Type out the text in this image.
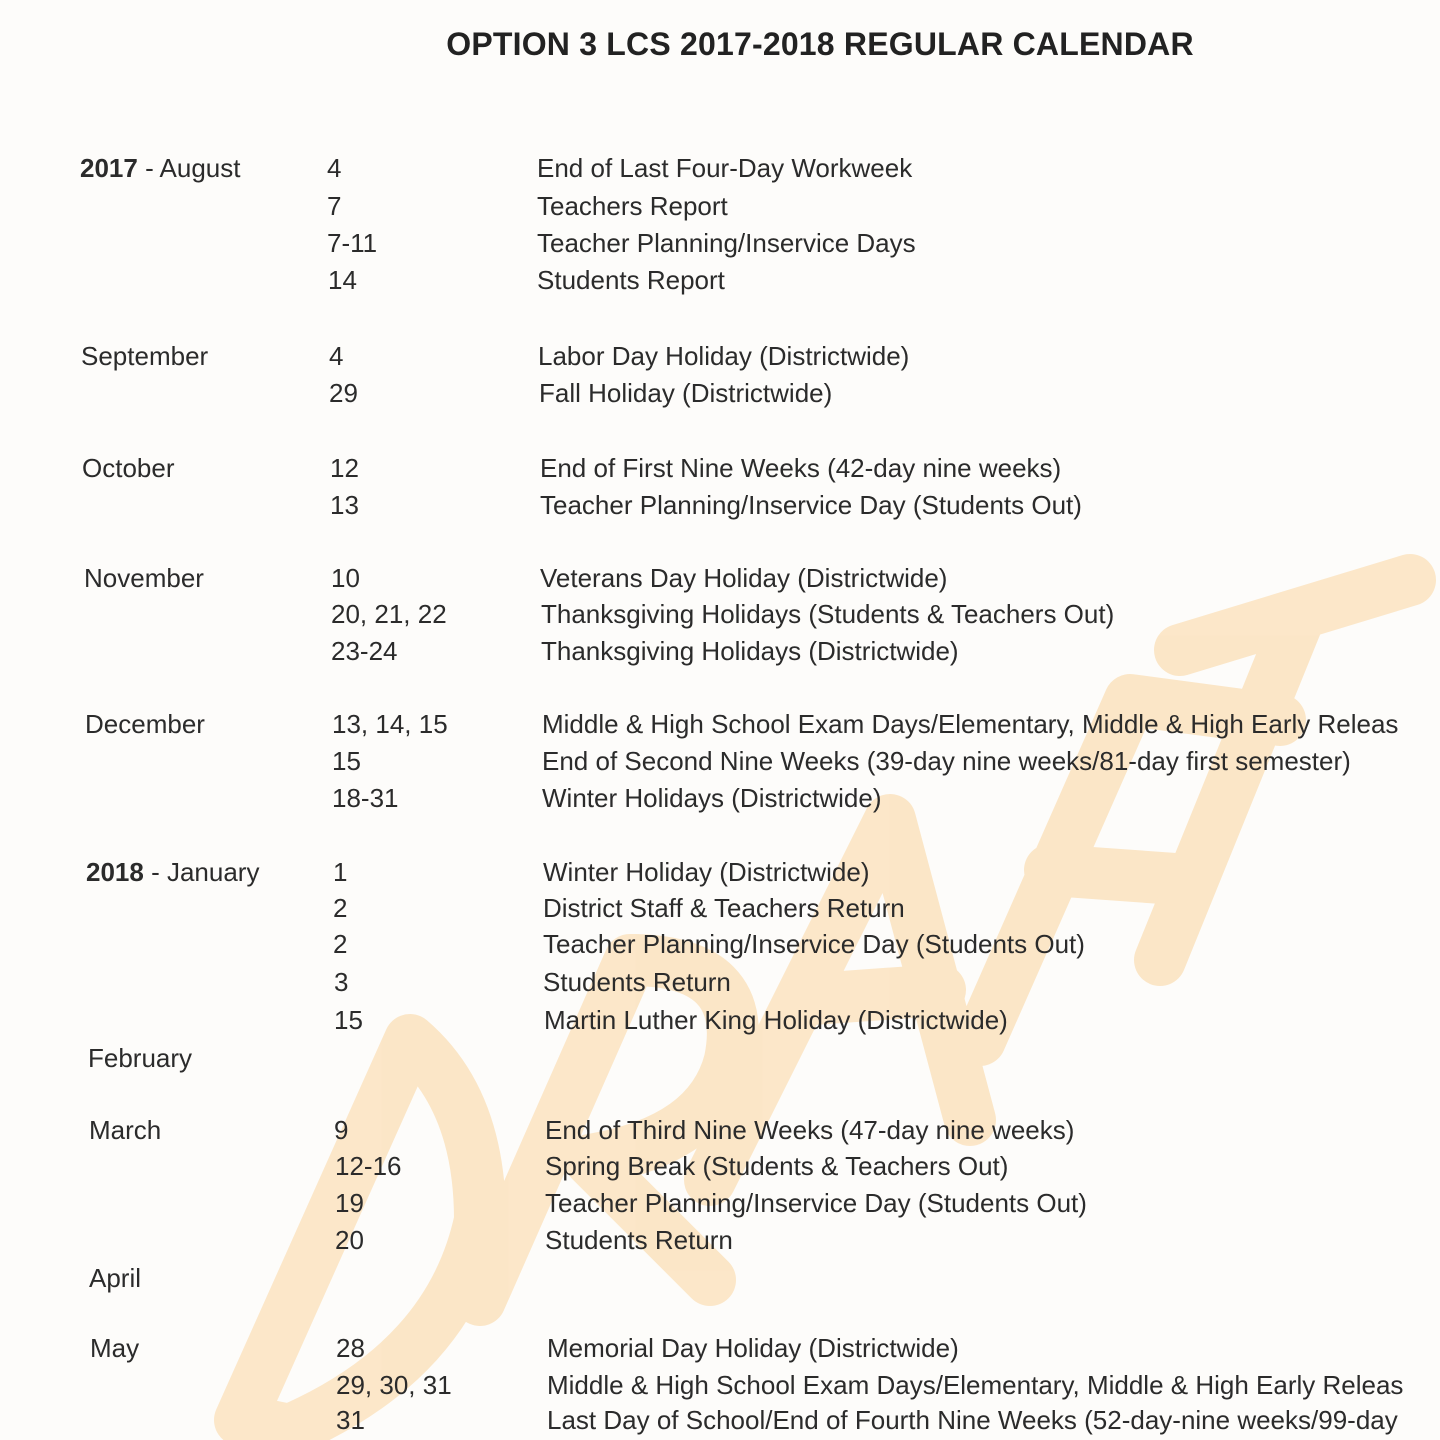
OPTION 3 LCS 2017-2018 REGULAR CALENDAR
2017 - August	4	End of Last Four-Day Workweek
7	Teachers Report
7-11	Teacher Planning/Inservice Days
14	Students Report
September	4	Labor Day Holiday (Districtwide)
29	Fall Holiday (Districtwide)
October	12	End of First Nine Weeks (42-day nine weeks)
13	Teacher Planning/Inservice Day (Students Out)
November	10	Veterans Day Holiday (Districtwide)
20, 21, 22	Thanksgiving Holidays (Students & Teachers Out)
23-24	Thanksgiving Holidays (Districtwide)
December	13, 14, 15	Middle & High School Exam Days/Elementary, Middle & High Early Releas
15	End of Second Nine Weeks (39-day nine weeks/81-day first semester)
18-31	Winter Holidays (Districtwide)
2018 - January	1	Winter Holiday (Districtwide)
2	District Staff & Teachers Return
2	Teacher Planning/Inservice Day (Students Out)
3	Students Return
15	Martin Luther King Holiday (Districtwide)
February
March	9	End of Third Nine Weeks (47-day nine weeks)
12-16	Spring Break (Students & Teachers Out)
19	Teacher Planning/Inservice Day (Students Out)
20	Students Return
April
May	28	Memorial Day Holiday (Districtwide)
29, 30, 31	Middle & High School Exam Days/Elementary, Middle & High Early Releas
31	Last Day of School/End of Fourth Nine Weeks (52-day-nine weeks/99-day
